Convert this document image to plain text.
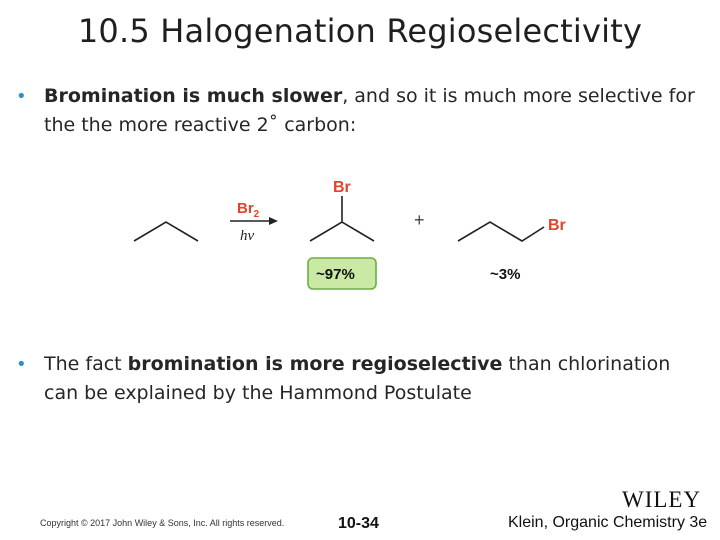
10.5 Halogenation Regioselectivity
• Bromination is much slower, and so it is much more selective for the the more reactive 2˚ carbon:
$Br_2$
hν
Br
+	Br
~97%	~3%
• The fact bromination is more regioselective than chlorination can be explained by the Hammond Postulate
WILEY
Copyright © 2017 John Wiley & Sons, Inc. All rights reserved.	10-34	Klein, Organic Chemistry 3e
